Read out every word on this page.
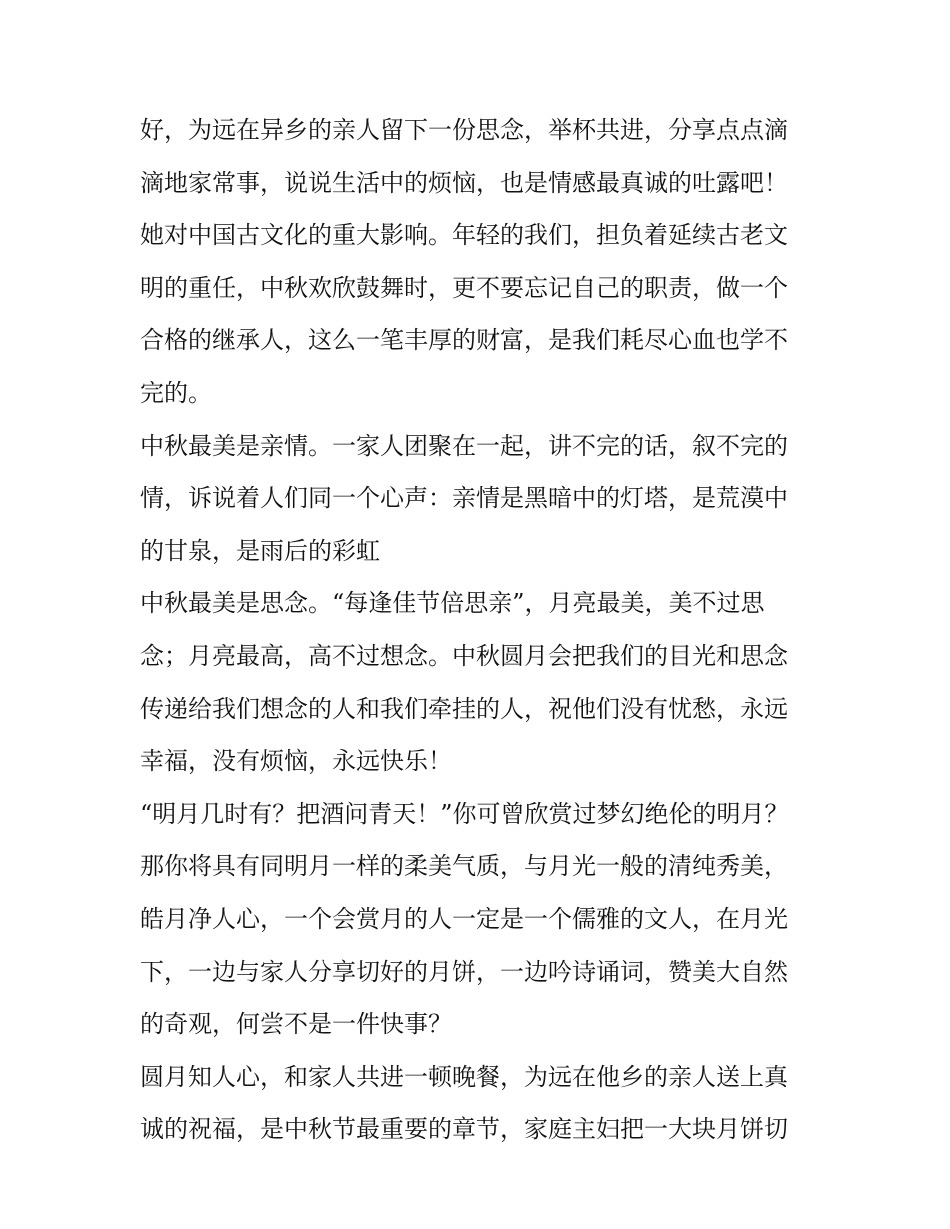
好，为远在异乡的亲人留下一份思念，举杯共进，分享点点滴
滴地家常事，说说生活中的烦恼，也是情感最真诚的吐露吧！
她对中国古文化的重大影响。年轻的我们，担负着延续古老文
明的重任，中秋欢欣鼓舞时，更不要忘记自己的职责，做一个
合格的继承人，这么一笔丰厚的财富，是我们耗尽心血也学不
完的。
中秋最美是亲情。一家人团聚在一起，讲不完的话，叙不完的
情，诉说着人们同一个心声：亲情是黑暗中的灯塔，是荒漠中
的甘泉，是雨后的彩虹
中秋最美是思念。“每逢佳节倍思亲”，月亮最美，美不过思
念；月亮最高，高不过想念。中秋圆月会把我们的目光和思念
传递给我们想念的人和我们牵挂的人，祝他们没有忧愁，永远
幸福，没有烦恼，永远快乐！
“明月几时有？把酒问青天！”你可曾欣赏过梦幻绝伦的明月？
那你将具有同明月一样的柔美气质，与月光一般的清纯秀美，
皓月净人心，一个会赏月的人一定是一个儒雅的文人，在月光
下，一边与家人分享切好的月饼，一边吟诗诵词，赞美大自然
的奇观，何尝不是一件快事？
圆月知人心，和家人共进一顿晚餐，为远在他乡的亲人送上真
诚的祝福，是中秋节最重要的章节，家庭主妇把一大块月饼切
